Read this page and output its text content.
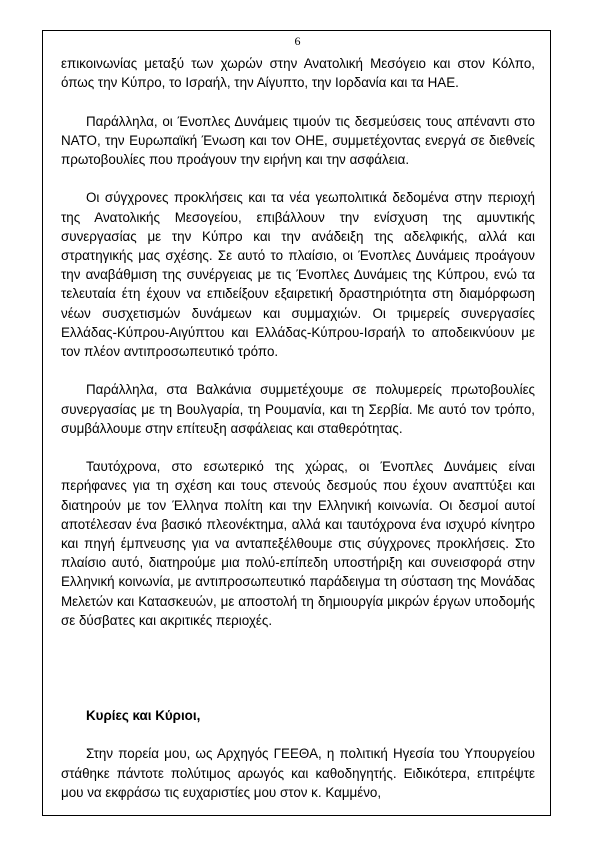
6

επικοινωνίας μεταξύ των χωρών στην Ανατολική Μεσόγειο και στον Κόλπο, όπως την Κύπρο, το Ισραήλ, την Αίγυπτο, την Ιορδανία και τα ΗΑΕ.

Παράλληλα, οι Ένοπλες Δυνάμεις τιμούν τις δεσμεύσεις τους απέναντι στο ΝΑΤΟ, την Ευρωπαϊκή Ένωση και τον ΟΗΕ, συμμετέχοντας ενεργά σε διεθνείς πρωτοβουλίες που προάγουν την ειρήνη και την ασφάλεια.

Οι σύγχρονες προκλήσεις και τα νέα γεωπολιτικά δεδομένα στην περιοχή της Ανατολικής Μεσογείου, επιβάλλουν την ενίσχυση της αμυντικής συνεργασίας με την Κύπρο και την ανάδειξη της αδελφικής, αλλά και στρατηγικής μας σχέσης. Σε αυτό το πλαίσιο, οι Ένοπλες Δυνάμεις προάγουν την αναβάθμιση της συνέργειας με τις Ένοπλες Δυνάμεις της Κύπρου, ενώ τα τελευταία έτη έχουν να επιδείξουν εξαιρετική δραστηριότητα στη διαμόρφωση νέων συσχετισμών δυνάμεων και συμμαχιών. Οι τριμερείς συνεργασίες Ελλάδας-Κύπρου-Αιγύπτου και Ελλάδας-Κύπρου-Ισραήλ το αποδεικνύουν με τον πλέον αντιπροσωπευτικό τρόπο.

Παράλληλα, στα Βαλκάνια συμμετέχουμε σε πολυμερείς πρωτοβουλίες συνεργασίας με τη Βουλγαρία, τη Ρουμανία, και τη Σερβία. Με αυτό τον τρόπο, συμβάλλουμε στην επίτευξη ασφάλειας και σταθερότητας.

Ταυτόχρονα, στο εσωτερικό της χώρας, οι Ένοπλες Δυνάμεις είναι περήφανες για τη σχέση και τους στενούς δεσμούς που έχουν αναπτύξει και διατηρούν με τον Έλληνα πολίτη και την Ελληνική κοινωνία. Οι δεσμοί αυτοί αποτέλεσαν ένα βασικό πλεονέκτημα, αλλά και ταυτόχρονα ένα ισχυρό κίνητρο και πηγή έμπνευσης για να ανταπεξέλθουμε στις σύγχρονες προκλήσεις. Στο πλαίσιο αυτό, διατηρούμε μια πολύ-επίπεδη υποστήριξη και συνεισφορά στην Ελληνική κοινωνία, με αντιπροσωπευτικό παράδειγμα τη σύσταση της Μονάδας Μελετών και Κατασκευών, με αποστολή τη δημιουργία μικρών έργων υποδομής σε δύσβατες και ακριτικές περιοχές.

Κυρίες και Κύριοι,

Στην πορεία μου, ως Αρχηγός ΓΕΕΘΑ, η πολιτική Ηγεσία του Υπουργείου στάθηκε πάντοτε πολύτιμος αρωγός και καθοδηγητής. Ειδικότερα, επιτρέψτε μου να εκφράσω τις ευχαριστίες μου στον κ. Καμμένο,
